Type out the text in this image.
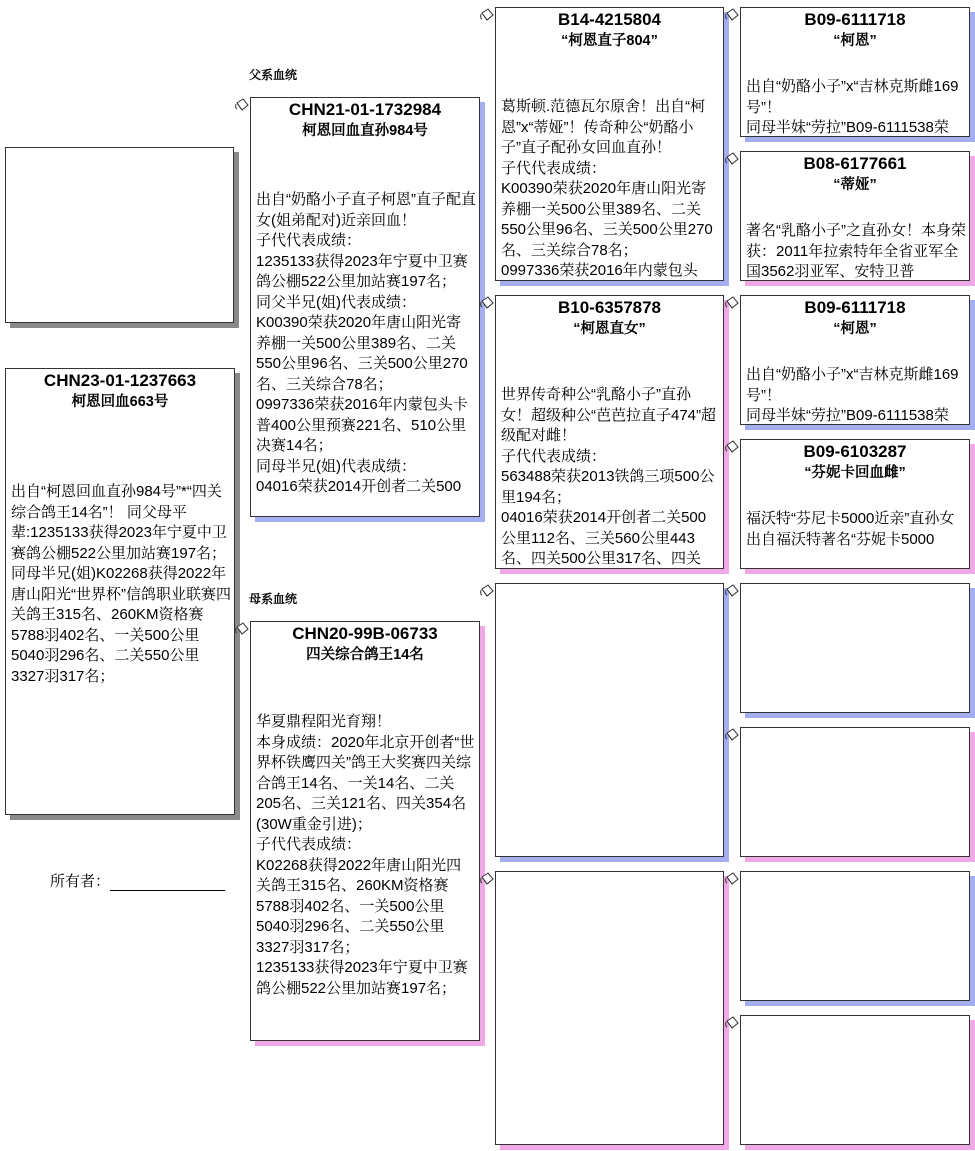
父系血统
母系血统
CHN23-01-1237663
柯恩回血663号
出自“柯恩回血直孙984号”*“四关综合鸽王14名”！ 同父母平辈:1235133获得2023年宁夏中卫赛鸽公棚522公里加站赛197名；同母半兄(姐)K02268获得2022年唐山阳光“世界杯”信鸽职业联赛四关鸽王315名、260KM资格赛5788羽402名、一关500公里5040羽296名、二关550公里3327羽317名；
所有者：
CHN21-01-1732984
柯恩回血直孙984号
出自“奶酪小子直子柯恩”直子配直女(姐弟配对)近亲回血！
子代代表成绩：
1235133获得2023年宁夏中卫赛鸽公棚522公里加站赛197名；
同父半兄(姐)代表成绩：
K00390荣获2020年唐山阳光寄养棚一关500公里389名、二关550公里96名、三关500公里270名、三关综合78名；
0997336荣获2016年内蒙包头卡普400公里预赛221名、510公里决赛14名；
同母半兄(姐)代表成绩：
04016荣获2014开创者二关500
CHN20-99B-06733
四关综合鸽王14名
华夏鼎程阳光育翔！
本身成绩：2020年北京开创者“世界杯铁鹰四关”鸽王大奖赛四关综合鸽王14名、一关14名、二关205名、三关121名、四关354名(30W重金引进)；
子代代表成绩：
K02268获得2022年唐山阳光四关鸽王315名、260KM资格赛5788羽402名、一关500公里5040羽296名、二关550公里3327羽317名；
1235133获得2023年宁夏中卫赛鸽公棚522公里加站赛197名；
B14-4215804
“柯恩直子804”
葛斯顿.范德瓦尔原舍！出自“柯恩”x“蒂娅”！传奇种公“奶酪小子”直子配孙女回血直孙！
子代代表成绩：
K00390荣获2020年唐山阳光寄养棚一关500公里389名、二关550公里96名、三关500公里270名、三关综合78名；
0997336荣获2016年内蒙包头
B10-6357878
“柯恩直女”
世界传奇种公“乳酪小子”直孙女！超级种公“芭芭拉直子474”超级配对雌！
子代代表成绩：
563488荣获2013铁鸽三项500公里194名；
04016荣获2014开创者二关500公里112名、三关560公里443名、四关500公里317名、四关
B09-6111718
“柯恩”
出自“奶酪小子”x“吉林克斯雌169号”！
同母半妹“劳拉”B09-6111538荣
B08-6177661
“蒂娅”
著名“乳酪小子”之直孙女！本身荣获：2011年拉索特年全省亚军全国3562羽亚军、安特卫普
B09-6111718
“柯恩”
出自“奶酪小子”x“吉林克斯雌169号”！
同母半妹“劳拉”B09-6111538荣
B09-6103287
“芬妮卡回血雌”
福沃特“芬尼卡5000近亲”直孙女
出自福沃特著名“芬妮卡5000
